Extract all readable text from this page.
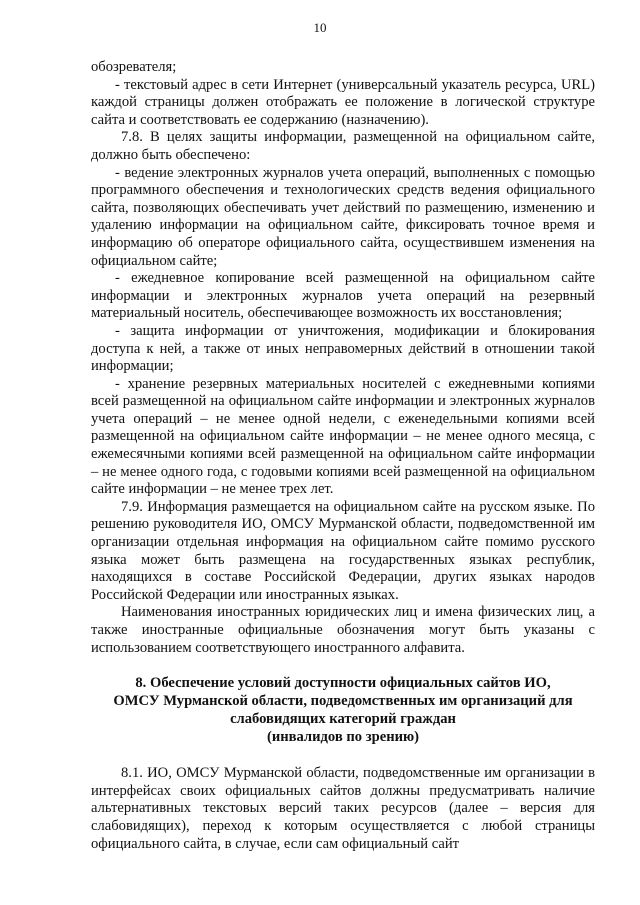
10

обозревателя;

- текстовый адрес в сети Интернет (универсальный указатель ресурса, URL) каждой страницы должен отображать ее положение в логической структуре сайта и соответствовать ее содержанию (назначению).

7.8. В целях защиты информации, размещенной на официальном сайте, должно быть обеспечено:

- ведение электронных журналов учета операций, выполненных с помощью программного обеспечения и технологических средств ведения официального сайта, позволяющих обеспечивать учет действий по размещению, изменению и удалению информации на официальном сайте, фиксировать точное время и информацию об операторе официального сайта, осуществившем изменения на официальном сайте;

- ежедневное копирование всей размещенной на официальном сайте информации и электронных журналов учета операций на резервный материальный носитель, обеспечивающее возможность их восстановления;

- защита информации от уничтожения, модификации и блокирования доступа к ней, а также от иных неправомерных действий в отношении такой информации;

- хранение резервных материальных носителей с ежедневными копиями всей размещенной на официальном сайте информации и электронных журналов учета операций – не менее одной недели, с еженедельными копиями всей размещенной на официальном сайте информации – не менее одного месяца, с ежемесячными копиями всей размещенной на официальном сайте информации – не менее одного года, с годовыми копиями всей размещенной на официальном сайте информации – не менее трех лет.

7.9. Информация размещается на официальном сайте на русском языке. По решению руководителя ИО, ОМСУ Мурманской области, подведомственной им организации отдельная информация на официальном сайте помимо русского языка может быть размещена на государственных языках республик, находящихся в составе Российской Федерации, других языках народов Российской Федерации или иностранных языках.

Наименования иностранных юридических лиц и имена физических лиц, а также иностранные официальные обозначения могут быть указаны с использованием соответствующего иностранного алфавита.

8. Обеспечение условий доступности официальных сайтов ИО,
ОМСУ Мурманской области, подведомственных им организаций для
слабовидящих категорий граждан
(инвалидов по зрению)

8.1. ИО, ОМСУ Мурманской области, подведомственные им организации в интерфейсах своих официальных сайтов должны предусматривать наличие альтернативных текстовых версий таких ресурсов (далее – версия для слабовидящих), переход к которым осуществляется с любой страницы официального сайта, в случае, если сам официальный сайт
